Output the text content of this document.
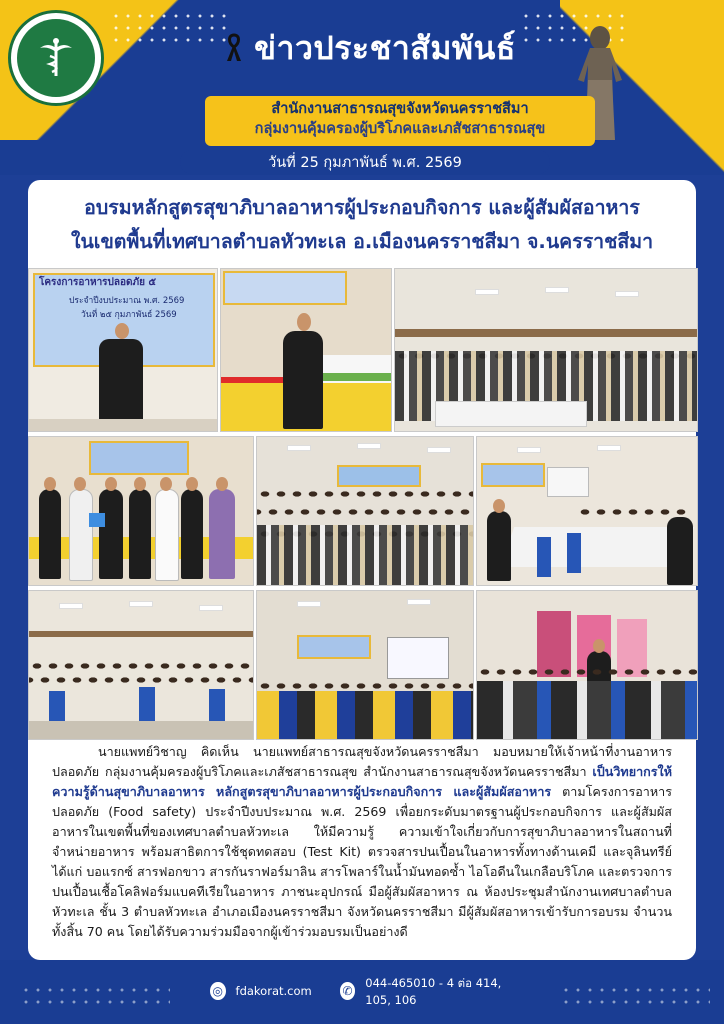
ข่าวประชาสัมพันธ์
สำนักงานสาธารณสุขจังหวัดนครราชสีมา
กลุ่มงานคุ้มครองผู้บริโภคและเภสัชสาธารณสุข
วันที่ 25 กุมภาพันธ์ พ.ศ. 2569
อบรมหลักสูตรสุขาภิบาลอาหารผู้ประกอบกิจการ และผู้สัมผัสอาหาร
ในเขตพื้นที่เทศบาลตำบลหัวทะเล อ.เมืองนครราชสีมา จ.นครราชสีมา
โครงการอาหารปลอดภัย ๕
ประจำปีงบประมาณ พ.ศ. 2569
วันที่ ๒๕ กุมภาพันธ์ 2569
นายแพทย์วิชาญ คิดเห็น นายแพทย์สาธารณสุขจังหวัดนครราชสีมา มอบหมายให้เจ้าหน้าที่งานอาหารปลอดภัย กลุ่มงานคุ้มครองผู้บริโภคและเภสัชสาธารณสุข สำนักงานสาธารณสุขจังหวัดนครราชสีมา เป็นวิทยากรให้ความรู้ด้านสุขาภิบาลอาหาร หลักสูตรสุขาภิบาลอาหารผู้ประกอบกิจการ และผู้สัมผัสอาหาร ตามโครงการอาหารปลอดภัย (Food safety) ประจำปีงบประมาณ พ.ศ. 2569 เพื่อยกระดับมาตรฐานผู้ประกอบกิจการ และผู้สัมผัสอาหารในเขตพื้นที่ของเทศบาลตำบลหัวทะเล ให้มีความรู้ ความเข้าใจเกี่ยวกับการสุขาภิบาลอาหารในสถานที่จำหน่ายอาหาร พร้อมสาธิตการใช้ชุดทดสอบ (Test Kit) ตรวจสารปนเปื้อนในอาหารทั้งทางด้านเคมี และจุลินทรีย์ ได้แก่ บอแรกซ์ สารฟอกขาว สารกันราฟอร์มาลิน สารโพลาร์ในน้ำมันทอดซ้ำ ไอโอดีนในเกลือบริโภค และตรวจการปนเปื้อนเชื้อโคลิฟอร์มแบคทีเรียในอาหาร ภาชนะอุปกรณ์ มือผู้สัมผัสอาหาร ณ ห้องประชุมสำนักงานเทศบาลตำบลหัวทะเล ชั้น 3 ตำบลหัวทะเล อำเภอเมืองนครราชสีมา จังหวัดนครราชสีมา มีผู้สัมผัสอาหารเข้ารับการอบรม จำนวนทั้งสิ้น 70 คน โดยได้รับความร่วมมือจากผู้เข้าร่วมอบรมเป็นอย่างดี
◎ fdakorat.com	✆
044-465010 - 4 ต่อ 414, 105, 106
